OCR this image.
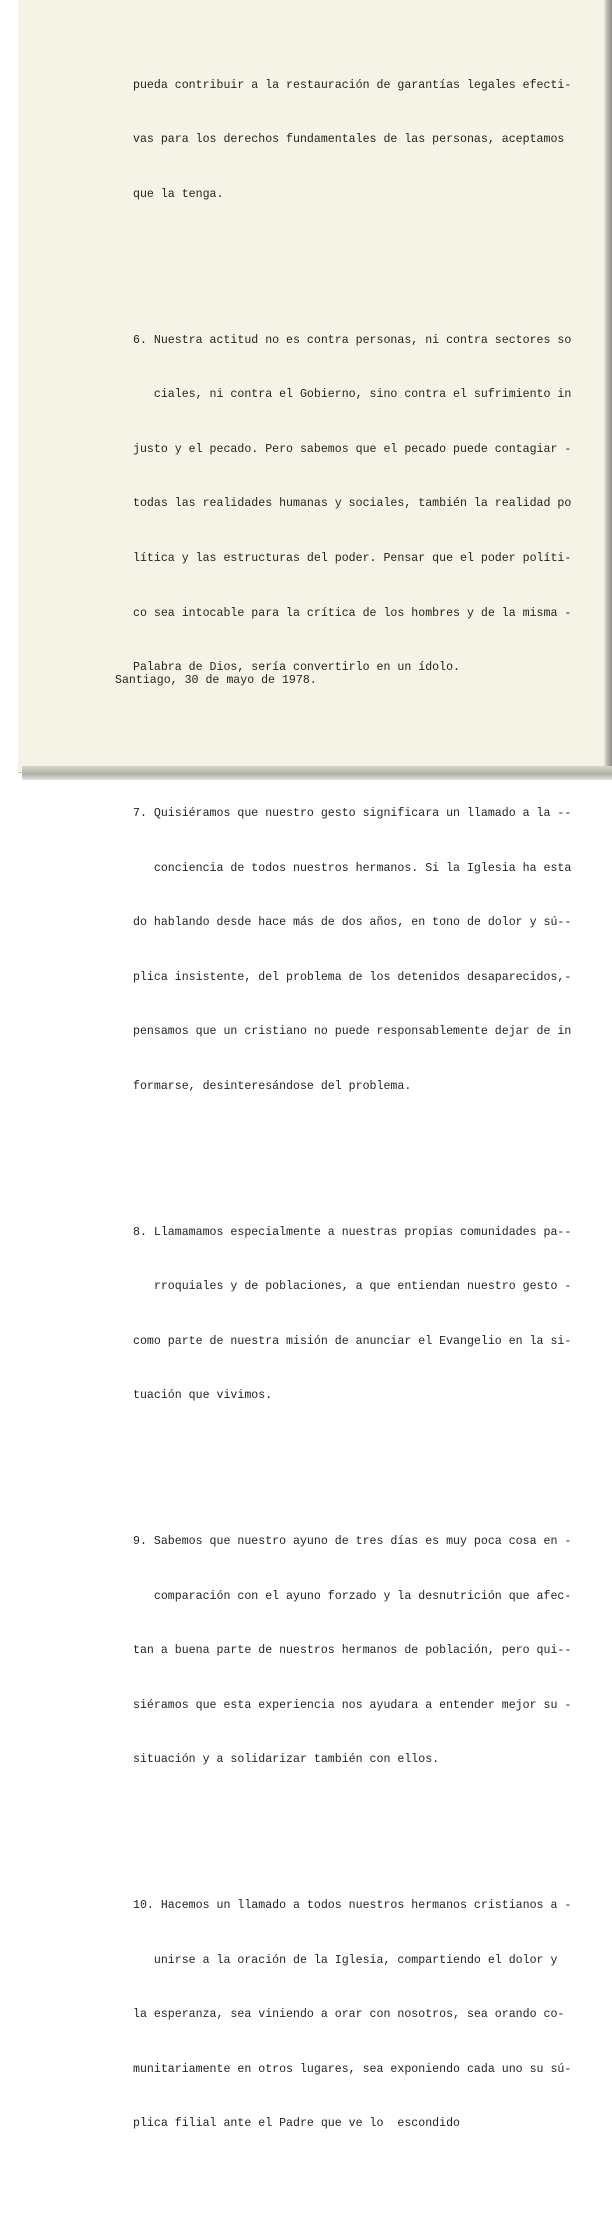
pueda contribuir a la restauración de garantías legales efecti-

vas para los derechos fundamentales de las personas, aceptamos

que la tenga.

6. Nuestra actitud no es contra personas, ni contra sectores so

ciales, ni contra el Gobierno, sino contra el sufrimiento in

justo y el pecado. Pero sabemos que el pecado puede contagiar -

todas las realidades humanas y sociales, también la realidad po

lítica y las estructuras del poder. Pensar que el poder políti-

co sea intocable para la crítica de los hombres y de la misma -

Palabra de Dios, sería convertirlo en un ídolo.

7. Quisiéramos que nuestro gesto significara un llamado a la --

conciencia de todos nuestros hermanos. Si la Iglesia ha esta

do hablando desde hace más de dos años, en tono de dolor y sú--

plica insistente, del problema de los detenidos desaparecidos,-

pensamos que un cristiano no puede responsablemente dejar de in

formarse, desinteresándose del problema.

8. Llamamamos especialmente a nuestras propias comunidades pa--

rroquiales y de poblaciones, a que entiendan nuestro gesto -

como parte de nuestra misión de anunciar el Evangelio en la si-

tuación que vivimos.

9. Sabemos que nuestro ayuno de tres días es muy poca cosa en -

comparación con el ayuno forzado y la desnutrición que afec-

tan a buena parte de nuestros hermanos de población, pero qui--

siéramos que esta experiencia nos ayudara a entender mejor su -

situación y a solidarizar también con ellos.

10. Hacemos un llamado a todos nuestros hermanos cristianos a -

unirse a la oración de la Iglesia, compartiendo el dolor y

la esperanza, sea viniendo a orar con nosotros, sea orando co-

munitariamente en otros lugares, sea exponiendo cada uno su sú-

plica filial ante el Padre que ve lo  escondido

Santiago, 30 de mayo de 1978.
